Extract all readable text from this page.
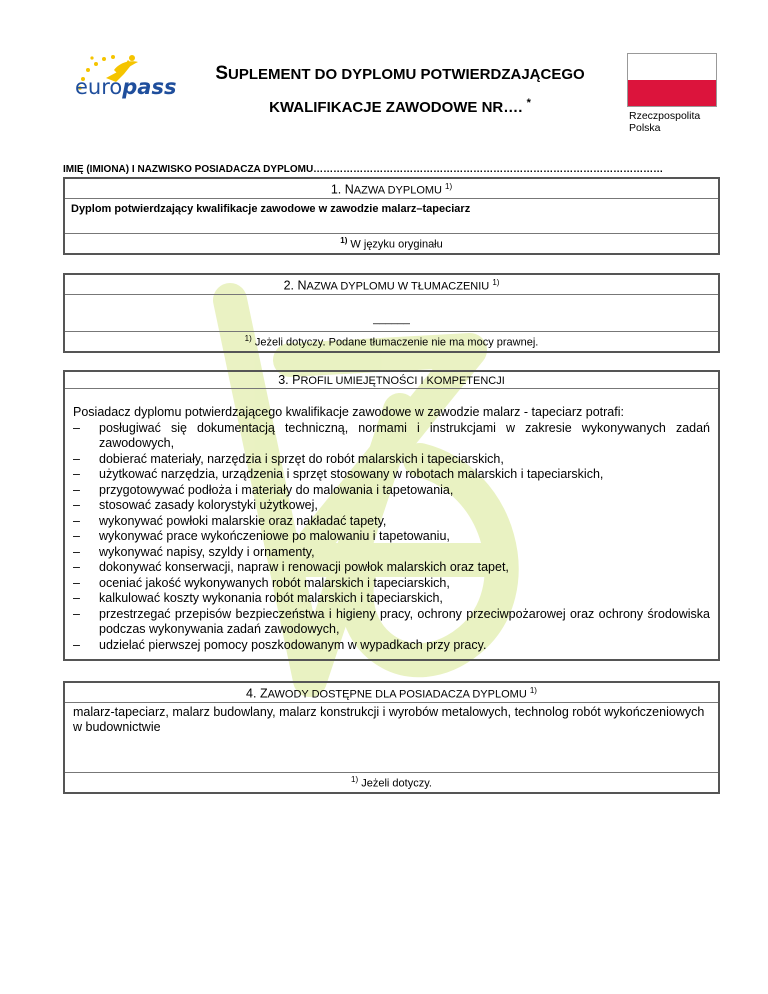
europass
SUPLEMENT DO DYPLOMU POTWIERDZAJĄCEGO
KWALIFIKACJE ZAWODOWE NR…. *
Rzeczpospolita
Polska
IMIĘ (IMIONA) I NAZWISKO POSIADACZA DYPLOMU……………………………………………………………………………………………
1. NAZWA DYPLOMU $^{1)}$
Dyplom potwierdzający kwalifikacje zawodowe w zawodzie malarz–tapeciarz
$^{1)}$ W języku oryginału
2. NAZWA DYPLOMU W TŁUMACZENIU $^{1)}$
______
$^{1)}$ Jeżeli dotyczy. Podane tłumaczenie nie ma mocy prawnej.
3. PROFIL UMIEJĘTNOŚCI I KOMPETENCJI
Posiadacz dyplomu potwierdzającego kwalifikacje zawodowe w zawodzie malarz - tapeciarz potrafi:
– posługiwać się dokumentacją techniczną, normami i instrukcjami w zakresie wykonywanych zadań zawodowych,
– dobierać materiały, narzędzia i sprzęt do robót malarskich i tapeciarskich,
– użytkować narzędzia, urządzenia i sprzęt stosowany w robotach malarskich i tapeciarskich,
– przygotowywać podłoża i materiały do malowania i tapetowania,
– stosować zasady kolorystyki użytkowej,
– wykonywać powłoki malarskie oraz nakładać tapety,
– wykonywać prace wykończeniowe po malowaniu i tapetowaniu,
– wykonywać napisy, szyldy i ornamenty,
– dokonywać konserwacji, napraw i renowacji powłok malarskich oraz tapet,
– oceniać jakość wykonywanych robót malarskich i tapeciarskich,
– kalkulować koszty wykonania robót malarskich i tapeciarskich,
– przestrzegać przepisów bezpieczeństwa i higieny pracy, ochrony przeciwpożarowej oraz ochrony środowiska podczas wykonywania zadań zawodowych,
– udzielać pierwszej pomocy poszkodowanym w wypadkach przy pracy.
4. ZAWODY DOSTĘPNE DLA POSIADACZA DYPLOMU $^{1)}$
malarz-tapeciarz, malarz budowlany, malarz konstrukcji i wyrobów metalowych, technolog robót wykończeniowych w budownictwie
$^{1)}$ Jeżeli dotyczy.
